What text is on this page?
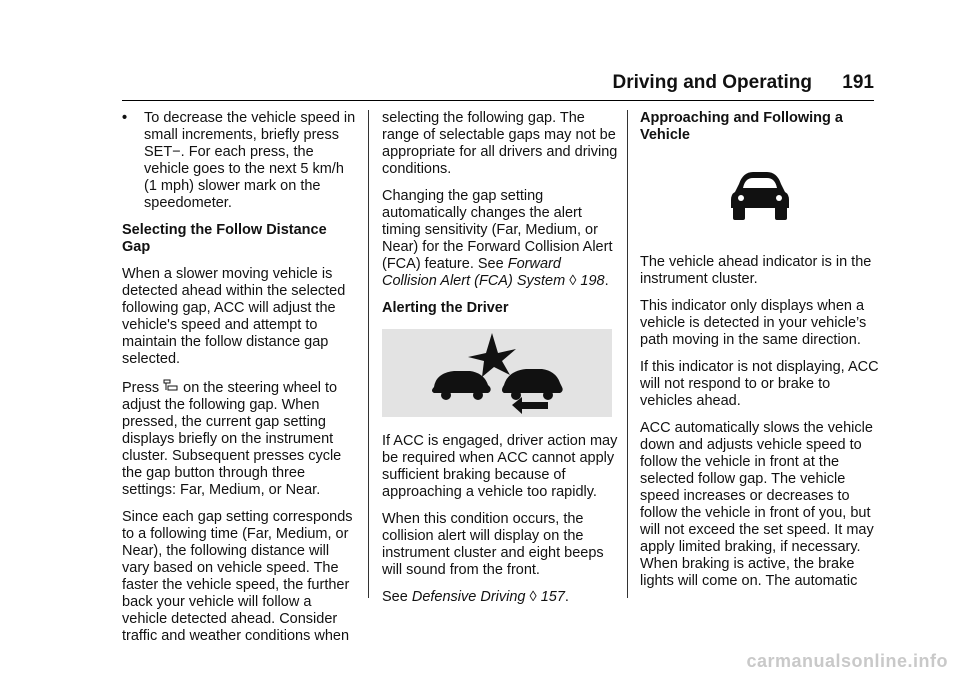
Driving and Operating 191
•	To decrease the vehicle speed in small increments, briefly press SET−. For each press, the vehicle goes to the next 5 km/h (1 mph) slower mark on the speedometer.

Selecting the Follow Distance Gap

When a slower moving vehicle is detected ahead within the selected following gap, ACC will adjust the vehicle's speed and attempt to maintain the follow distance gap selected.

Press on the steering wheel to adjust the following gap. When pressed, the current gap setting displays briefly on the instrument cluster. Subsequent presses cycle the gap button through three settings: Far, Medium, or Near.

Since each gap setting corresponds to a following time (Far, Medium, or Near), the following distance will vary based on vehicle speed. The faster the vehicle speed, the further back your vehicle will follow a vehicle detected ahead. Consider traffic and weather conditions when

selecting the following gap. The range of selectable gaps may not be appropriate for all drivers and driving conditions.

Changing the gap setting automatically changes the alert timing sensitivity (Far, Medium, or Near) for the Forward Collision Alert (FCA) feature. See Forward Collision Alert (FCA) System ◊ 198.

Alerting the Driver

If ACC is engaged, driver action may be required when ACC cannot apply sufficient braking because of approaching a vehicle too rapidly.

When this condition occurs, the collision alert will display on the instrument cluster and eight beeps will sound from the front.

See Defensive Driving ◊ 157.

Approaching and Following a Vehicle

The vehicle ahead indicator is in the instrument cluster.

This indicator only displays when a vehicle is detected in your vehicle’s path moving in the same direction.

If this indicator is not displaying, ACC will not respond to or brake to vehicles ahead.

ACC automatically slows the vehicle down and adjusts vehicle speed to follow the vehicle in front at the selected follow gap. The vehicle speed increases or decreases to follow the vehicle in front of you, but will not exceed the set speed. It may apply limited braking, if necessary. When braking is active, the brake lights will come on. The automatic

carmanualsonline.info
